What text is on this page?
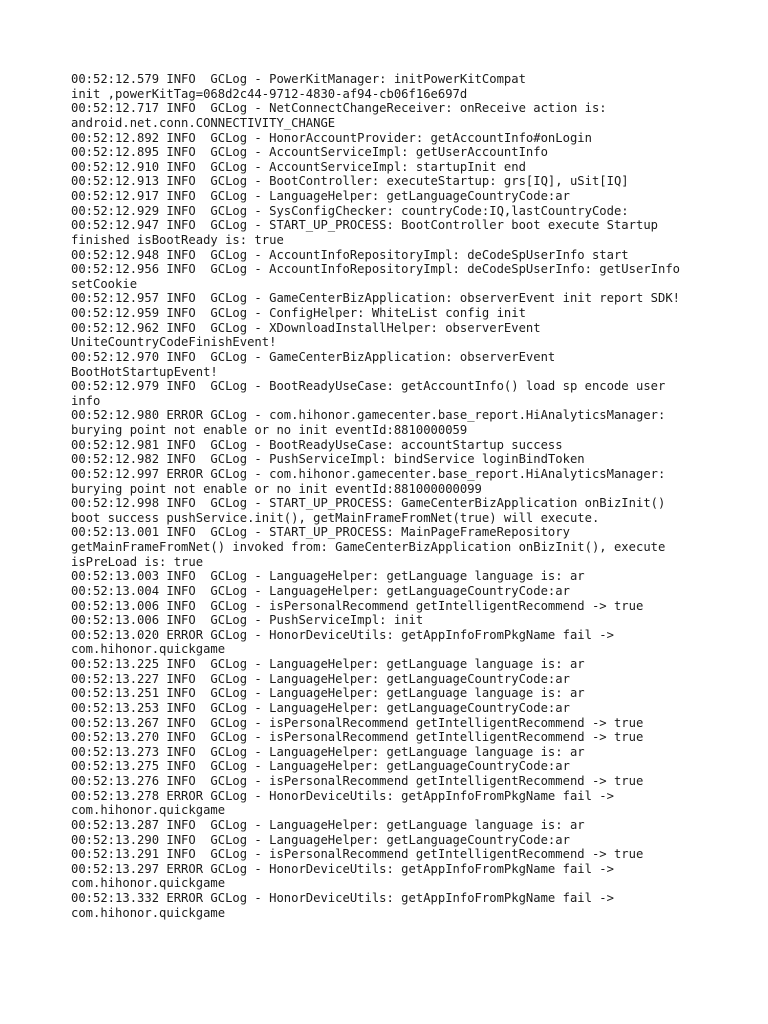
00:52:12.579 INFO  GCLog - PowerKitManager: initPowerKitCompat

init ,powerKitTag=068d2c44-9712-4830-af94-cb06f16e697d

00:52:12.717 INFO  GCLog - NetConnectChangeReceiver: onReceive action is:

android.net.conn.CONNECTIVITY_CHANGE

00:52:12.892 INFO  GCLog - HonorAccountProvider: getAccountInfo#onLogin

00:52:12.895 INFO  GCLog - AccountServiceImpl: getUserAccountInfo

00:52:12.910 INFO  GCLog - AccountServiceImpl: startupInit end

00:52:12.913 INFO  GCLog - BootController: executeStartup: grs[IQ], uSit[IQ]

00:52:12.917 INFO  GCLog - LanguageHelper: getLanguageCountryCode:ar

00:52:12.929 INFO  GCLog - SysConfigChecker: countryCode:IQ,lastCountryCode:

00:52:12.947 INFO  GCLog - START_UP_PROCESS: BootController boot execute Startup

finished isBootReady is: true

00:52:12.948 INFO  GCLog - AccountInfoRepositoryImpl: deCodeSpUserInfo start

00:52:12.956 INFO  GCLog - AccountInfoRepositoryImpl: deCodeSpUserInfo: getUserInfo

setCookie

00:52:12.957 INFO  GCLog - GameCenterBizApplication: observerEvent init report SDK!

00:52:12.959 INFO  GCLog - ConfigHelper: WhiteList config init

00:52:12.962 INFO  GCLog - XDownloadInstallHelper: observerEvent

UniteCountryCodeFinishEvent!

00:52:12.970 INFO  GCLog - GameCenterBizApplication: observerEvent

BootHotStartupEvent!

00:52:12.979 INFO  GCLog - BootReadyUseCase: getAccountInfo() load sp encode user

info

00:52:12.980 ERROR GCLog - com.hihonor.gamecenter.base_report.HiAnalyticsManager:

burying point not enable or no init eventId:8810000059

00:52:12.981 INFO  GCLog - BootReadyUseCase: accountStartup success

00:52:12.982 INFO  GCLog - PushServiceImpl: bindService loginBindToken

00:52:12.997 ERROR GCLog - com.hihonor.gamecenter.base_report.HiAnalyticsManager:

burying point not enable or no init eventId:881000000099

00:52:12.998 INFO  GCLog - START_UP_PROCESS: GameCenterBizApplication onBizInit()

boot success pushService.init(), getMainFrameFromNet(true) will execute.

00:52:13.001 INFO  GCLog - START_UP_PROCESS: MainPageFrameRepository

getMainFrameFromNet() invoked from: GameCenterBizApplication onBizInit(), execute

isPreLoad is: true

00:52:13.003 INFO  GCLog - LanguageHelper: getLanguage language is: ar

00:52:13.004 INFO  GCLog - LanguageHelper: getLanguageCountryCode:ar

00:52:13.006 INFO  GCLog - isPersonalRecommend getIntelligentRecommend -> true

00:52:13.006 INFO  GCLog - PushServiceImpl: init

00:52:13.020 ERROR GCLog - HonorDeviceUtils: getAppInfoFromPkgName fail ->

com.hihonor.quickgame

00:52:13.225 INFO  GCLog - LanguageHelper: getLanguage language is: ar

00:52:13.227 INFO  GCLog - LanguageHelper: getLanguageCountryCode:ar

00:52:13.251 INFO  GCLog - LanguageHelper: getLanguage language is: ar

00:52:13.253 INFO  GCLog - LanguageHelper: getLanguageCountryCode:ar

00:52:13.267 INFO  GCLog - isPersonalRecommend getIntelligentRecommend -> true

00:52:13.270 INFO  GCLog - isPersonalRecommend getIntelligentRecommend -> true

00:52:13.273 INFO  GCLog - LanguageHelper: getLanguage language is: ar

00:52:13.275 INFO  GCLog - LanguageHelper: getLanguageCountryCode:ar

00:52:13.276 INFO  GCLog - isPersonalRecommend getIntelligentRecommend -> true

00:52:13.278 ERROR GCLog - HonorDeviceUtils: getAppInfoFromPkgName fail ->

com.hihonor.quickgame

00:52:13.287 INFO  GCLog - LanguageHelper: getLanguage language is: ar

00:52:13.290 INFO  GCLog - LanguageHelper: getLanguageCountryCode:ar

00:52:13.291 INFO  GCLog - isPersonalRecommend getIntelligentRecommend -> true

00:52:13.297 ERROR GCLog - HonorDeviceUtils: getAppInfoFromPkgName fail ->

com.hihonor.quickgame

00:52:13.332 ERROR GCLog - HonorDeviceUtils: getAppInfoFromPkgName fail ->

com.hihonor.quickgame
